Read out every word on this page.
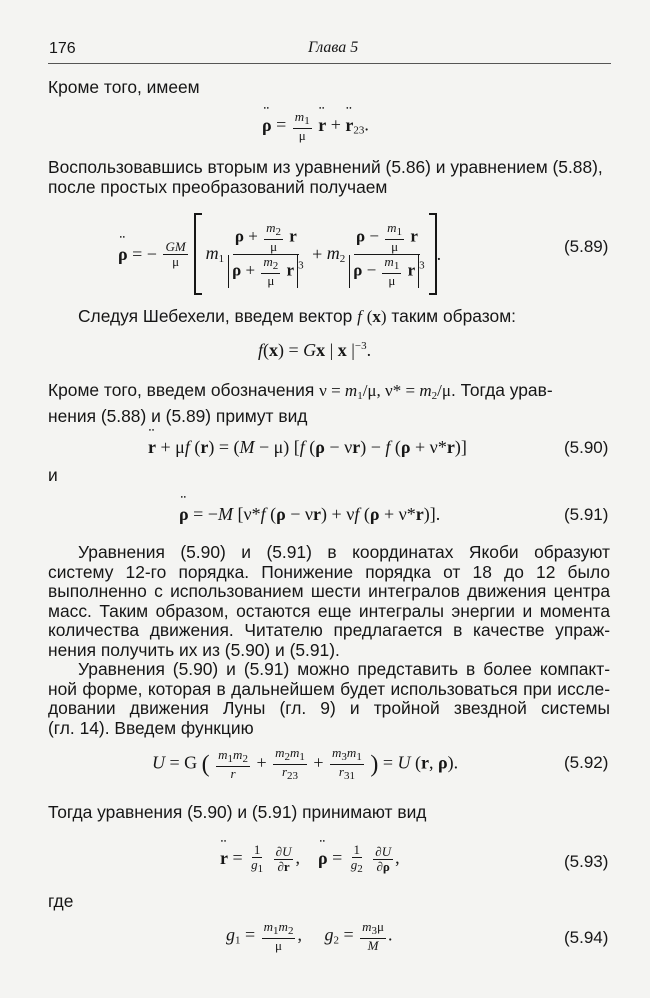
176	Глава 5
Кроме того, имеем
•• $\rho = \frac{m_1}{\mu}$
•• r + •• $r_{23}$.
Воспользовавшись вторым из уравнений (5.86) и уравнением (5.88),
после простых преобразований получаем
•• ρ = − $\frac{GM}{\mu} m_1 \frac{\rho + \frac{m_2}{\mu} r}{\rho + \frac{m_2}{\mu} r ^3} + m_2 \frac{\rho - \frac{m_1}{\mu} r}{\rho - \frac{m_1}{\mu} r ^3}$ .	(5.89)
Следуя Шебехели, введем вектор f (x) таким образом:
f(x) = Gx | x $|^{-3}$.
Кроме того, введем обозначения $\nu = m_1/\mu$, $\nu* = m_2/\mu$. Тогда урав-
нения (5.88) и (5.89) примут вид
•• r + μf (r) = (M − μ) [f (ρ − νr) − f (ρ + ν*r)]	(5.90)
и
•• ρ = −M [ν*f (ρ − νr) + νf (ρ + ν*r)].	(5.91)
Уравнения (5.90) и (5.91) в координатах Якоби образуют
систему 12-го порядка. Понижение порядка от 18 до 12 было
выполненно с использованием шести интегралов движения центра
масс. Таким образом, остаются еще интегралы энергии и момента
количества движения. Читателю предлагается в качестве упраж-
нения получить их из (5.90) и (5.91).
Уравнения (5.90) и (5.91) можно представить в более компакт-
ной форме, которая в дальнейшем будет использоваться при иссле-
довании движения Луны (гл. 9) и тройной звездной системы
(гл. 14). Введем функцию
U = G ( $\frac{m_1m_2}{r} + \frac{m_2m_1}{r_{23}} + \frac{m_3m_1}{r_{31}}$ ) = U (r, ρ).	(5.92)
Тогда уравнения (5.90) и (5.91) принимают вид
•• $r = \frac{1}{g_1}$
$\frac{\partial U}{\partial r}$ ,    •• $\rho = \frac{1}{g_2}$
$\frac{\partial U}{\partial\rho}$ ,	(5.93)
где
$g_1 = \frac{m_1m_2}{\mu}$ ,     $g_2 = \frac{m_3\mu}{M}$ .	(5.94)
